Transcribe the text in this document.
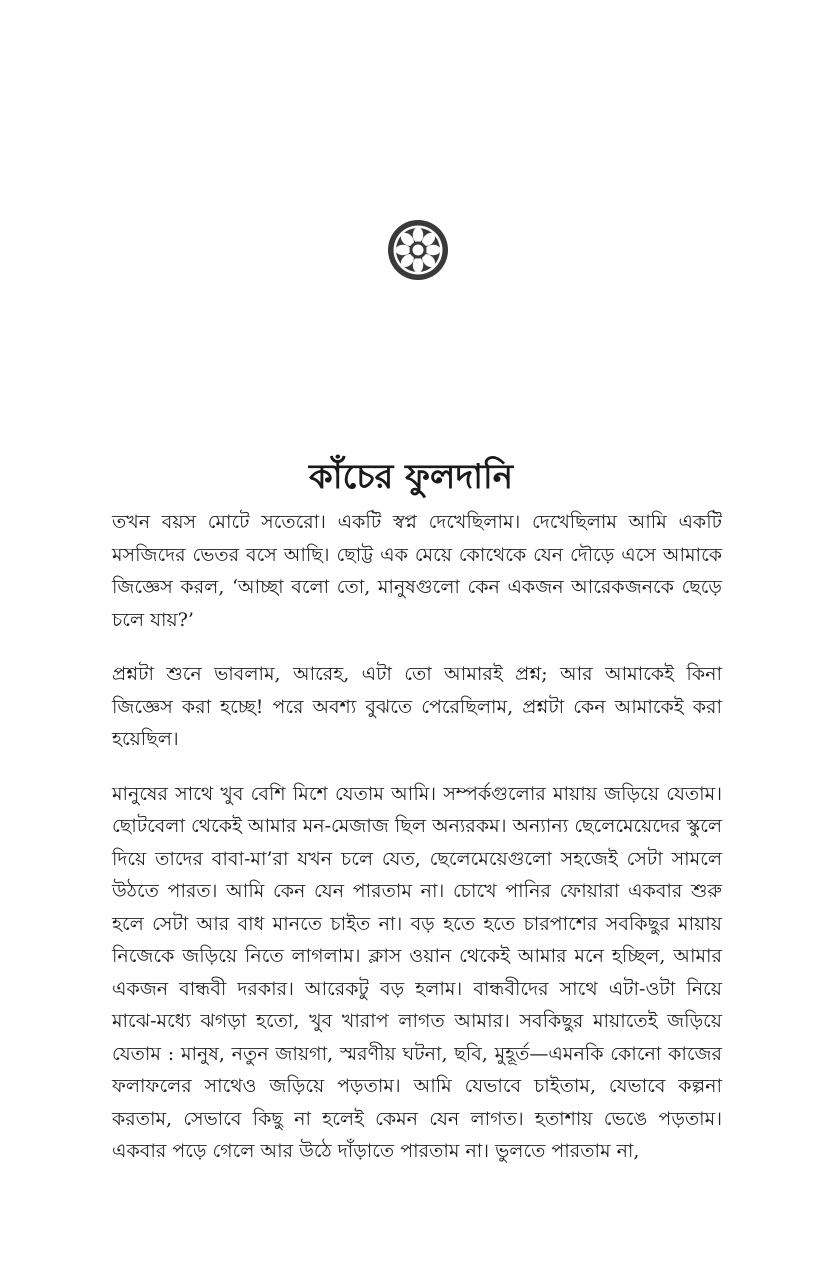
কাঁচের ফুলদানি

তখন বয়স মোটে সতেরো। একটি স্বপ্ন দেখেছিলাম। দেখেছিলাম আমি একটি মসজিদের ভেতর বসে আছি। ছোট্ট এক মেয়ে কোথেকে যেন দৌড়ে এসে আমাকে জিজ্ঞেস করল, ‘আচ্ছা বলো তো, মানুষগুলো কেন একজন আরেকজনকে ছেড়ে চলে যায়?’

প্রশ্নটা শুনে ভাবলাম, আরেহ, এটা তো আমারই প্রশ্ন; আর আমাকেই কিনা জিজ্ঞেস করা হচ্ছে! পরে অবশ্য বুঝতে পেরেছিলাম, প্রশ্নটা কেন আমাকেই করা হয়েছিল।

মানুষের সাথে খুব বেশি মিশে যেতাম আমি। সম্পর্কগুলোর মায়ায় জড়িয়ে যেতাম। ছোটবেলা থেকেই আমার মন-মেজাজ ছিল অন্যরকম। অন্যান্য ছেলেমেয়েদের স্কুলে দিয়ে তাদের বাবা-মা’রা যখন চলে যেত, ছেলেমেয়েগুলো সহজেই সেটা সামলে উঠতে পারত। আমি কেন যেন পারতাম না। চোখে পানির ফোয়ারা একবার শুরু হলে সেটা আর বাধ মানতে চাইত না। বড় হতে হতে চারপাশের সবকিছুর মায়ায় নিজেকে জড়িয়ে নিতে লাগলাম। ক্লাস ওয়ান থেকেই আমার মনে হচ্ছিল, আমার একজন বান্ধবী দরকার। আরেকটু বড় হলাম। বান্ধবীদের সাথে এটা-ওটা নিয়ে মাঝে-মধ্যে ঝগড়া হতো, খুব খারাপ লাগত আমার। সবকিছুর মায়াতেই জড়িয়ে যেতাম : মানুষ, নতুন জায়গা, স্মরণীয় ঘটনা, ছবি, মুহূর্ত—এমনকি কোনো কাজের ফলাফলের সাথেও জড়িয়ে পড়তাম। আমি যেভাবে চাইতাম, যেভাবে কল্পনা করতাম, সেভাবে কিছু না হলেই কেমন যেন লাগত। হতাশায় ভেঙে পড়তাম। একবার পড়ে গেলে আর উঠে দাঁড়াতে পারতাম না। ভুলতে পারতাম না,
